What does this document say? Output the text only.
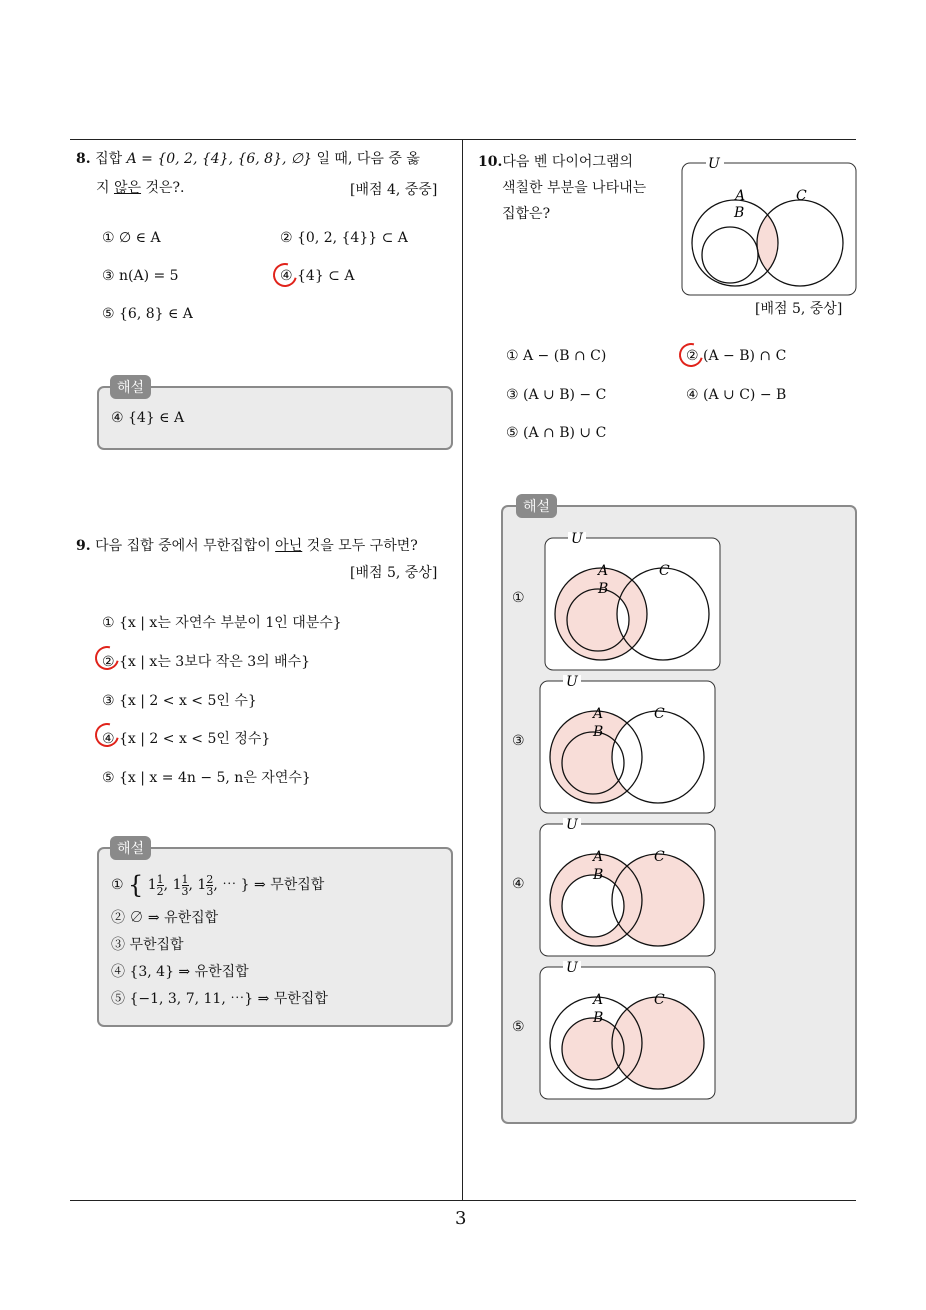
3
8. 집합 A = {0, 2, {4}, {6, 8}, ∅} 일 때, 다음 중 옳
지 않은 것은?.	[배점 4, 중중]
① ∅ ∈ A	② {0, 2, {4}} ⊂ A
③ n(A) = 5	④ {4} ⊂ A
⑤ {6, 8} ∈ A
④ {4} ∈ A
해설
9. 다음 집합 중에서 무한집합이 아닌 것을 모두 구하면?
[배점 5, 중상]
① {x | x는 자연수 부분이 1인 대분수}
② {x | x는 3보다 작은 3의 배수}
③ {x | 2 < x < 5인 수}
④ {x | 2 < x < 5인 정수}
⑤ {x | x = 4n − 5, n은 자연수}
① { $1 \frac{1}{2}$ , $1 \frac{1}{3}$ , $1 \frac{2}{3}$ , ⋯ } ⇒ 무한집합
② ∅ ⇒ 유한집합
③ 무한집합
④ {3, 4} ⇒ 유한집합
⑤ {−1, 3, 7, 11, ⋯} ⇒ 무한집합
해설
10.다음 벤 다이어그램의
색칠한 부분을 나타내는
집합은?
U
A
B
C
[배점 5, 중상]
① A − (B ∩ C)	② (A − B) ∩ C
③ (A ∪ B) − C	④ (A ∪ C) − B
⑤ (A ∩ B) ∪ C
해설
①
③
④
⑤
U
A
B
C
U
A
B
C
U
A
B
C
U
A
B
C
